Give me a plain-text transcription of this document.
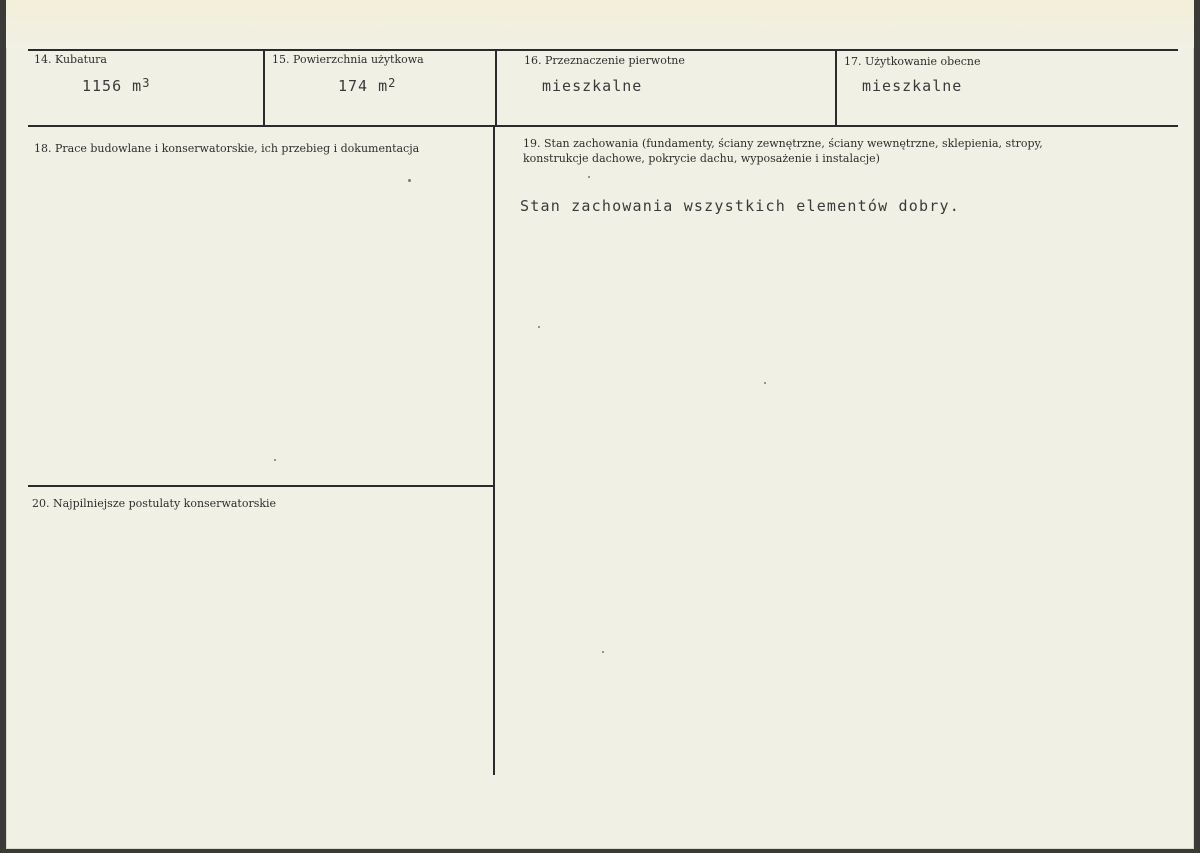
14. Kubatura
1156 $m^3$
15. Powierzchnia użytkowa
174 $m^2$
16. Przeznaczenie pierwotne
mieszkalne
17. Użytkowanie obecne
mieszkalne
18. Prace budowlane i konserwatorskie, ich przebieg i dokumentacja	19. Stan zachowania (fundamenty, ściany zewnętrzne, ściany wewnętrzne, sklepienia, stropy,
konstrukcje dachowe, pokrycie dachu, wyposażenie i instalacje)
Stan zachowania wszystkich elementów dobry.
20. Najpilniejsze postulaty konserwatorskie
